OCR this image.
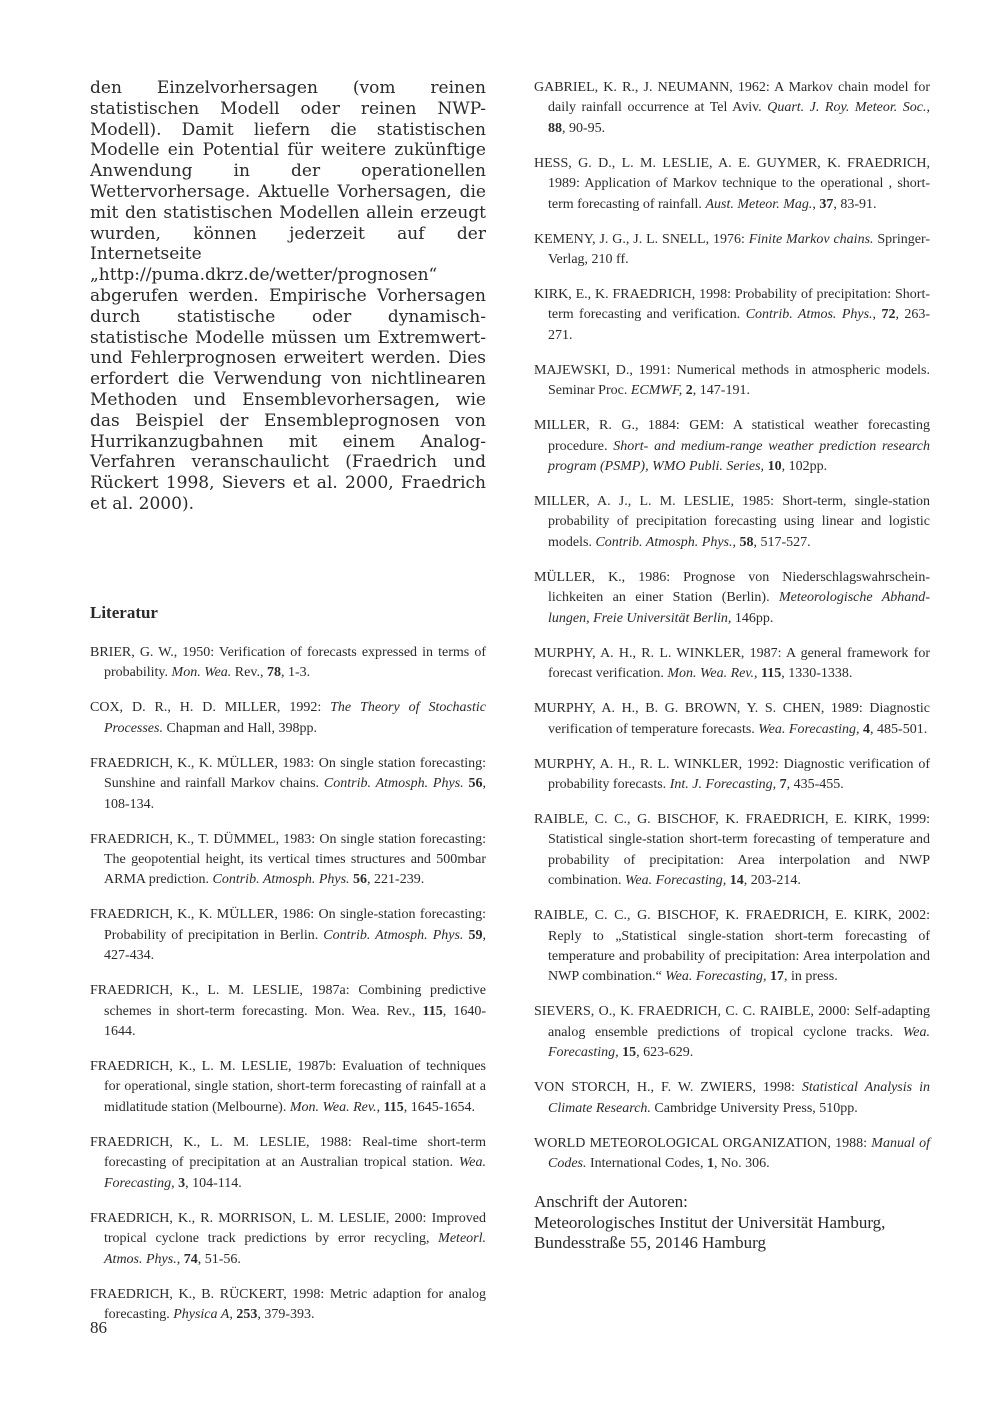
den Einzelvorhersagen (vom reinen statistischen Modell oder reinen NWP-Modell). Damit liefern die statistischen Modelle ein Potential für weitere zukünftige Anwendung in der operationellen Wettervorhersage. Aktuelle Vorhersagen, die mit den statistischen Modellen allein erzeugt wurden, können jederzeit auf der Internetseite „http://puma.dkrz.de/wetter/prognosen“ abgerufen werden. Empirische Vorhersagen durch statistische oder dynamisch-statistische Modelle müssen um Extremwert- und Fehlerprognosen erweitert werden. Dies erfordert die Verwendung von nichtlinearen Methoden und Ensemblevorhersagen, wie das Beispiel der Ensembleprognosen von Hurrikanzugbahnen mit einem Analog-Verfahren veranschaulicht (Fraedrich und Rückert 1998, Sievers et al. 2000, Fraedrich et al. 2000).

Literatur

BRIER, G. W., 1950: Verification of forecasts expressed in terms of probability. Mon. Wea. Rev., 78, 1-3.

COX, D. R., H. D. MILLER, 1992: The Theory of Stochastic Processes. Chapman and Hall, 398pp.

FRAEDRICH, K., K. MÜLLER, 1983: On single station forecasting: Sunshine and rainfall Markov chains. Contrib. Atmosph. Phys. 56, 108-134.

FRAEDRICH, K., T. DÜMMEL, 1983: On single station forecasting: The geopotential height, its vertical times structures and 500mbar ARMA prediction. Contrib. Atmosph. Phys. 56, 221-239.

FRAEDRICH, K., K. MÜLLER, 1986: On single-station forecasting: Probability of precipitation in Berlin. Contrib. Atmosph. Phys. 59, 427-434.

FRAEDRICH, K., L. M. LESLIE, 1987a: Combining predictive schemes in short-term forecasting. Mon. Wea. Rev., 115, 1640-1644.

FRAEDRICH, K., L. M. LESLIE, 1987b: Evaluation of techniques for operational, single station, short-term forecasting of rainfall at a midlatitude station (Melbourne). Mon. Wea. Rev., 115, 1645-1654.

FRAEDRICH, K., L. M. LESLIE, 1988: Real-time short-term forecasting of precipitation at an Australian tropical station. Wea. Forecasting, 3, 104-114.

FRAEDRICH, K., R. MORRISON, L. M. LESLIE, 2000: Improved tropical cyclone track predictions by error recycling, Meteorl. Atmos. Phys., 74, 51-56.

FRAEDRICH, K., B. RÜCKERT, 1998: Metric adaption for analog forecasting. Physica A, 253, 379-393.

GABRIEL, K. R., J. NEUMANN, 1962: A Markov chain model for daily rainfall occurrence at Tel Aviv. Quart. J. Roy. Meteor. Soc., 88, 90-95.

HESS, G. D., L. M. LESLIE, A. E. GUYMER, K. FRAEDRICH, 1989: Application of Markov technique to the operational , short-term forecasting of rainfall. Aust. Meteor. Mag., 37, 83-91.

KEMENY, J. G., J. L. SNELL, 1976: Finite Markov chains. Springer-Verlag, 210 ff.

KIRK, E., K. FRAEDRICH, 1998: Probability of precipitation: Short-term forecasting and verification. Contrib. Atmos. Phys., 72, 263-271.

MAJEWSKI, D., 1991: Numerical methods in atmospheric models. Seminar Proc. ECMWF, 2, 147-191.

MILLER, R. G., 1884: GEM: A statistical weather forecasting procedure. Short- and medium-range weather prediction research program (PSMP), WMO Publi. Series, 10, 102pp.

MILLER, A. J., L. M. LESLIE, 1985: Short-term, single-station probability of precipitation forecasting using linear and logistic models. Contrib. Atmosph. Phys., 58, 517-527.

MÜLLER, K., 1986: Prognose von Niederschlagswahrscheinlichkeiten an einer Station (Berlin). Meteorologische Abhandlungen, Freie Universität Berlin, 146pp.

MURPHY, A. H., R. L. WINKLER, 1987: A general framework for forecast verification. Mon. Wea. Rev., 115, 1330-1338.

MURPHY, A. H., B. G. BROWN, Y. S. CHEN, 1989: Diagnostic verification of temperature forecasts. Wea. Forecasting, 4, 485-501.

MURPHY, A. H., R. L. WINKLER, 1992: Diagnostic verification of probability forecasts. Int. J. Forecasting, 7, 435-455.

RAIBLE, C. C., G. BISCHOF, K. FRAEDRICH, E. KIRK, 1999: Statistical single-station short-term forecasting of temperature and probability of precipitation: Area interpolation and NWP combination. Wea. Forecasting, 14, 203-214.

RAIBLE, C. C., G. BISCHOF, K. FRAEDRICH, E. KIRK, 2002: Reply to „Statistical single-station short-term forecasting of temperature and probability of precipitation: Area interpolation and NWP combination.“ Wea. Forecasting, 17, in press.

SIEVERS, O., K. FRAEDRICH, C. C. RAIBLE, 2000: Self-adapting analog ensemble predictions of tropical cyclone tracks. Wea. Forecasting, 15, 623-629.

VON STORCH, H., F. W. ZWIERS, 1998: Statistical Analysis in Climate Research. Cambridge University Press, 510pp.

WORLD METEOROLOGICAL ORGANIZATION, 1988: Manual of Codes. International Codes, 1, No. 306.

Anschrift der Autoren:
Meteorologisches Institut der Universität Hamburg,
Bundesstraße 55, 20146 Hamburg
86
